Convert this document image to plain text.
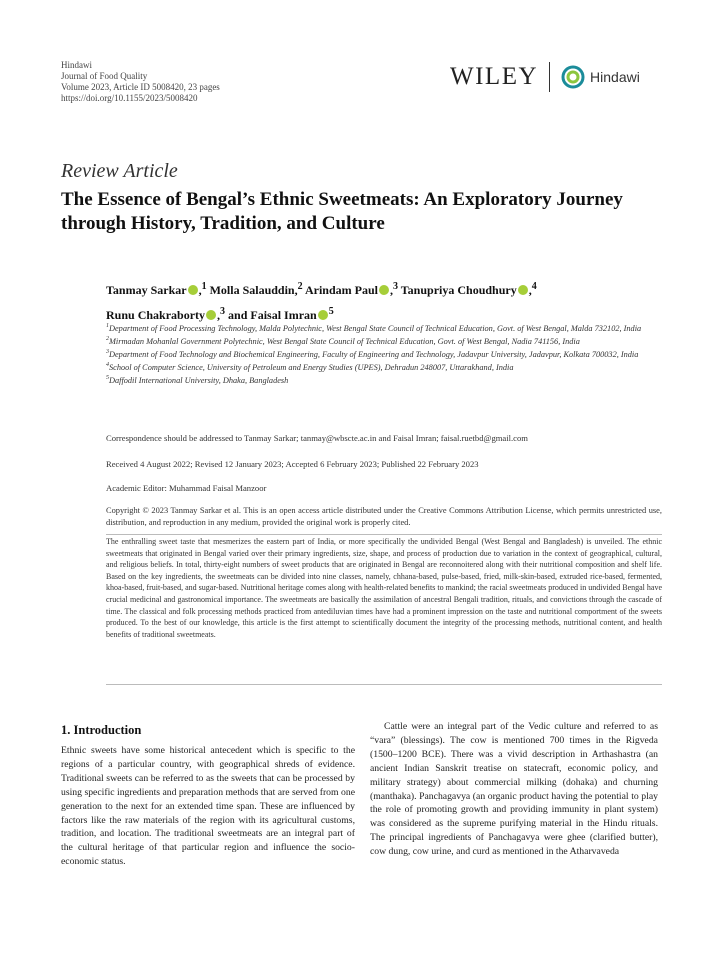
Hindawi
Journal of Food Quality
Volume 2023, Article ID 5008420, 23 pages
https://doi.org/10.1155/2023/5008420
WILEY	Hindawi
Review Article
The Essence of Bengal’s Ethnic Sweetmeats: An Exploratory Journey through History, Tradition, and Culture
Tanmay Sarkar ,$^1$ Molla Salauddin,$^2$ Arindam Paul ,$^3$ Tanupriya Choudhury ,$^4$
Runu Chakraborty ,$^3$ and Faisal Imran $^5$

$^1$Department of Food Processing Technology, Malda Polytechnic, West Bengal State Council of Technical Education, Govt. of West Bengal, Malda 732102, India

$^2$Mirmadan Mohanlal Government Polytechnic, West Bengal State Council of Technical Education, Govt. of West Bengal, Nadia 741156, India

$^3$Department of Food Technology and Biochemical Engineering, Faculty of Engineering and Technology, Jadavpur University, Jadavpur, Kolkata 700032, India

$^4$School of Computer Science, University of Petroleum and Energy Studies (UPES), Dehradun 248007, Uttarakhand, India

$^5$Daffodil International University, Dhaka, Bangladesh

Correspondence should be addressed to Tanmay Sarkar; tanmay@wbscte.ac.in and Faisal Imran; faisal.ruetbd@gmail.com
Received 4 August 2022; Revised 12 January 2023; Accepted 6 February 2023; Published 22 February 2023
Academic Editor: Muhammad Faisal Manzoor
Copyright © 2023 Tanmay Sarkar et al. This is an open access article distributed under the Creative Commons Attribution License, which permits unrestricted use, distribution, and reproduction in any medium, provided the original work is properly cited.
The enthralling sweet taste that mesmerizes the eastern part of India, or more specifically the undivided Bengal (West Bengal and Bangladesh) is unveiled. The ethnic sweetmeats that originated in Bengal varied over their primary ingredients, size, shape, and process of production due to variation in the context of geographical, cultural, and religious beliefs. In total, thirty-eight numbers of sweet products that are originated in Bengal are reconnoitered along with their nutritional composition and shelf life. Based on the key ingredients, the sweetmeats can be divided into nine classes, namely, chhana-based, pulse-based, fried, milk-skin-based, extruded rice-based, fermented, khoa-based, fruit-based, and sugar-based. Nutritional heritage comes along with health-related benefits to mankind; the racial sweetmeats produced in undivided Bengal have crucial medicinal and gastronomical importance. The sweetmeats are basically the assimilation of ancestral Bengali tradition, rituals, and convictions through the cascade of time. The classical and folk processing methods practiced from antediluvian times have had a prominent impression on the taste and nutritional comportment of the sweets produced. To the best of our knowledge, this article is the first attempt to scientifically document the integrity of the processing methods, nutritional content, and health benefits of traditional sweetmeats.
1. Introduction
Ethnic sweets have some historical antecedent which is specific to the regions of a particular country, with geographical shreds of evidence. Traditional sweets can be referred to as the sweets that can be processed by using specific ingredients and preparation methods that are served from one generation to the next for an extended time span. These are influenced by factors like the raw materials of the region with its agricultural customs, tradition, and location. The traditional sweetmeats are an integral part of the cultural heritage of that particular region and influence the socio-economic status.
Cattle were an integral part of the Vedic culture and referred to as “vara” (blessings). The cow is mentioned 700 times in the Rigveda (1500–1200 BCE). There was a vivid description in Arthashastra (an ancient Indian Sanskrit treatise on statecraft, economic policy, and military strategy) about commercial milking (dohaka) and churning (manthaka). Panchagavya (an organic product having the potential to play the role of promoting growth and providing immunity in plant system) was considered as the supreme purifying material in the Hindu rituals. The principal ingredients of Panchagavya were ghee (clarified butter), cow dung, cow urine, and curd as mentioned in the Atharvaveda
